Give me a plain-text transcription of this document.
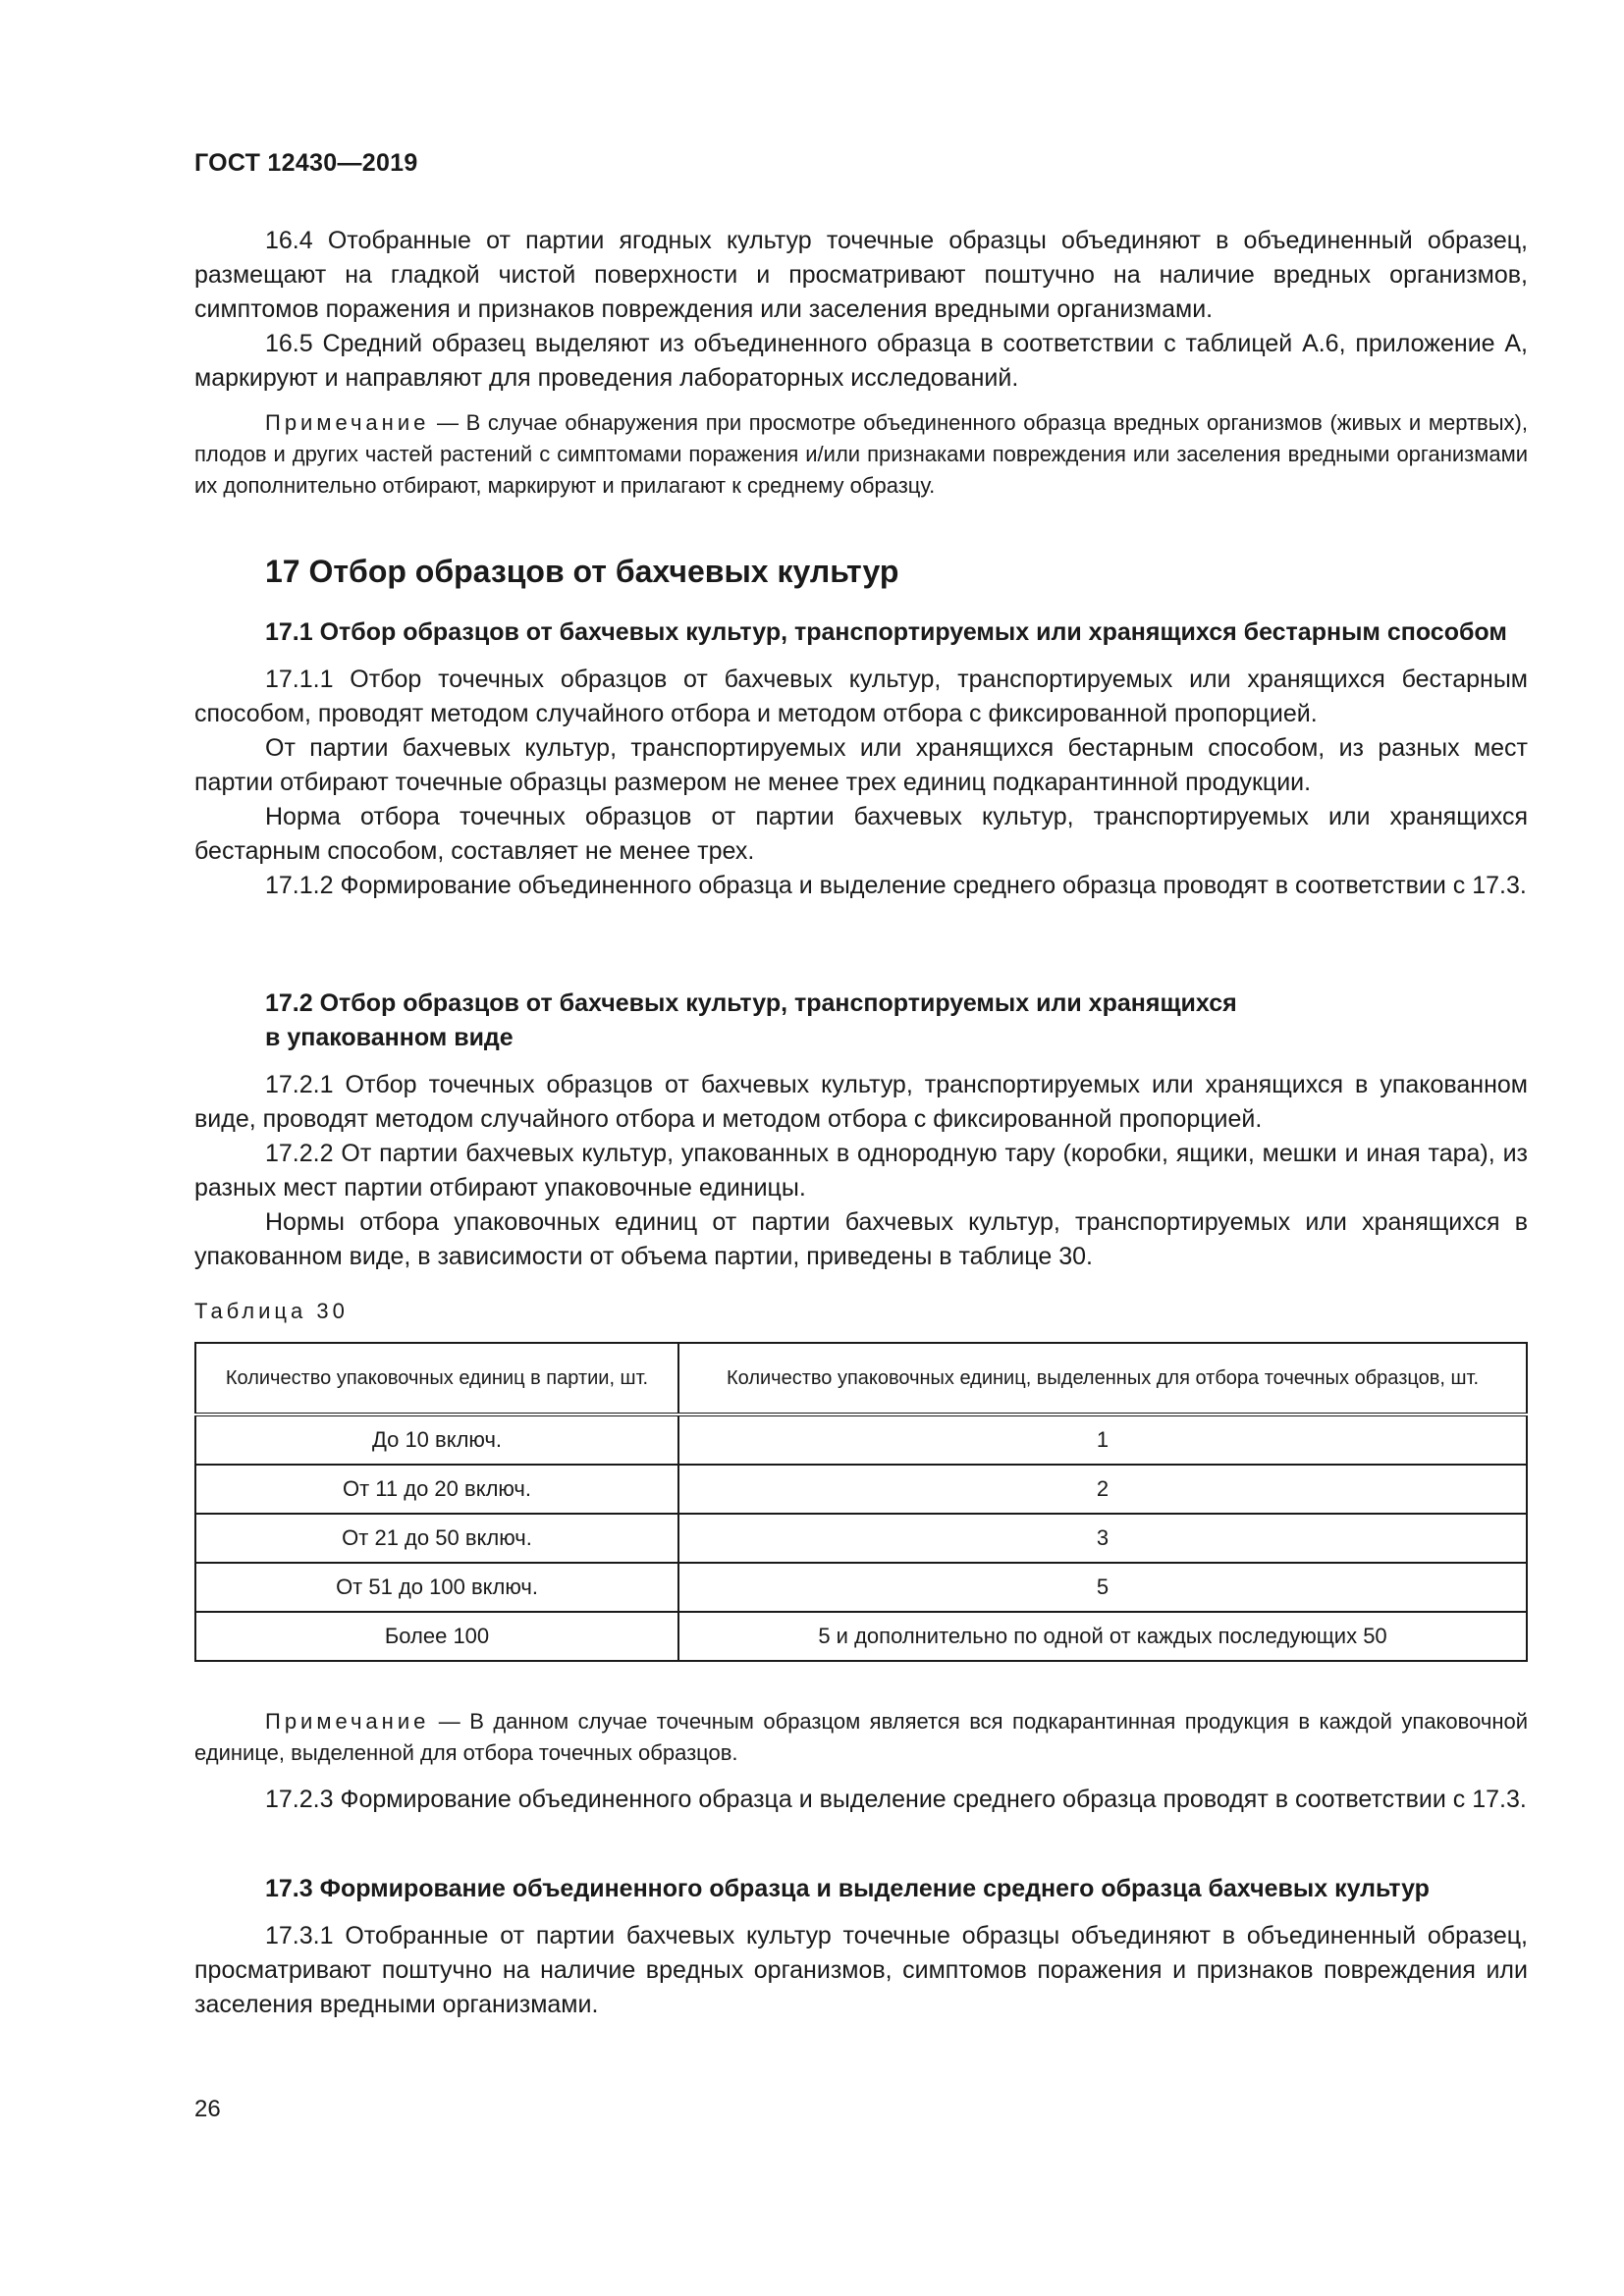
ГОСТ 12430—2019

16.4 Отобранные от партии ягодных культур точечные образцы объединяют в объединенный образец, размещают на гладкой чистой поверхности и просматривают поштучно на наличие вредных организмов, симптомов поражения и признаков повреждения или заселения вредными организмами.

16.5 Средний образец выделяют из объединенного образца в соответствии с таблицей А.6, приложение А, маркируют и направляют для проведения лабораторных исследований.

Примечание — В случае обнаружения при просмотре объединенного образца вредных организмов (живых и мертвых), плодов и других частей растений с симптомами поражения и/или признаками повреждения или заселения вредными организмами их дополнительно отбирают, маркируют и прилагают к среднему образцу.

17 Отбор образцов от бахчевых культур
17.1 Отбор образцов от бахчевых культур, транспортируемых или хранящихся бестарным способом

17.1.1 Отбор точечных образцов от бахчевых культур, транспортируемых или хранящихся бестарным способом, проводят методом случайного отбора и методом отбора с фиксированной пропорцией.

От партии бахчевых культур, транспортируемых или хранящихся бестарным способом, из разных мест партии отбирают точечные образцы размером не менее трех единиц подкарантинной продукции.

Норма отбора точечных образцов от партии бахчевых культур, транспортируемых или хранящихся бестарным способом, составляет не менее трех.

17.1.2 Формирование объединенного образца и выделение среднего образца проводят в соответствии с 17.3.

17.2 Отбор образцов от бахчевых культур, транспортируемых или хранящихся
в упакованном виде

17.2.1 Отбор точечных образцов от бахчевых культур, транспортируемых или хранящихся в упакованном виде, проводят методом случайного отбора и методом отбора с фиксированной пропорцией.

17.2.2 От партии бахчевых культур, упакованных в однородную тару (коробки, ящики, мешки и иная тара), из разных мест партии отбирают упаковочные единицы.

Нормы отбора упаковочных единиц от партии бахчевых культур, транспортируемых или хранящихся в упакованном виде, в зависимости от объема партии, приведены в таблице 30.

Таблица 30
Количество упаковочных единиц в партии, шт.	Количество упаковочных единиц, выделенных для отбора точечных образцов, шт.
До 10 включ.	1
От 11 до 20 включ.	2
От 21 до 50 включ.	3
От 51 до 100 включ.	5
Более 100	5 и дополнительно по одной от каждых последующих 50

Примечание — В данном случае точечным образцом является вся подкарантинная продукция в каждой упаковочной единице, выделенной для отбора точечных образцов.

17.2.3 Формирование объединенного образца и выделение среднего образца проводят в соответствии с 17.3.

17.3 Формирование объединенного образца и выделение среднего образца бахчевых культур

17.3.1 Отобранные от партии бахчевых культур точечные образцы объединяют в объединенный образец, просматривают поштучно на наличие вредных организмов, симптомов поражения и признаков повреждения или заселения вредными организмами.

26
